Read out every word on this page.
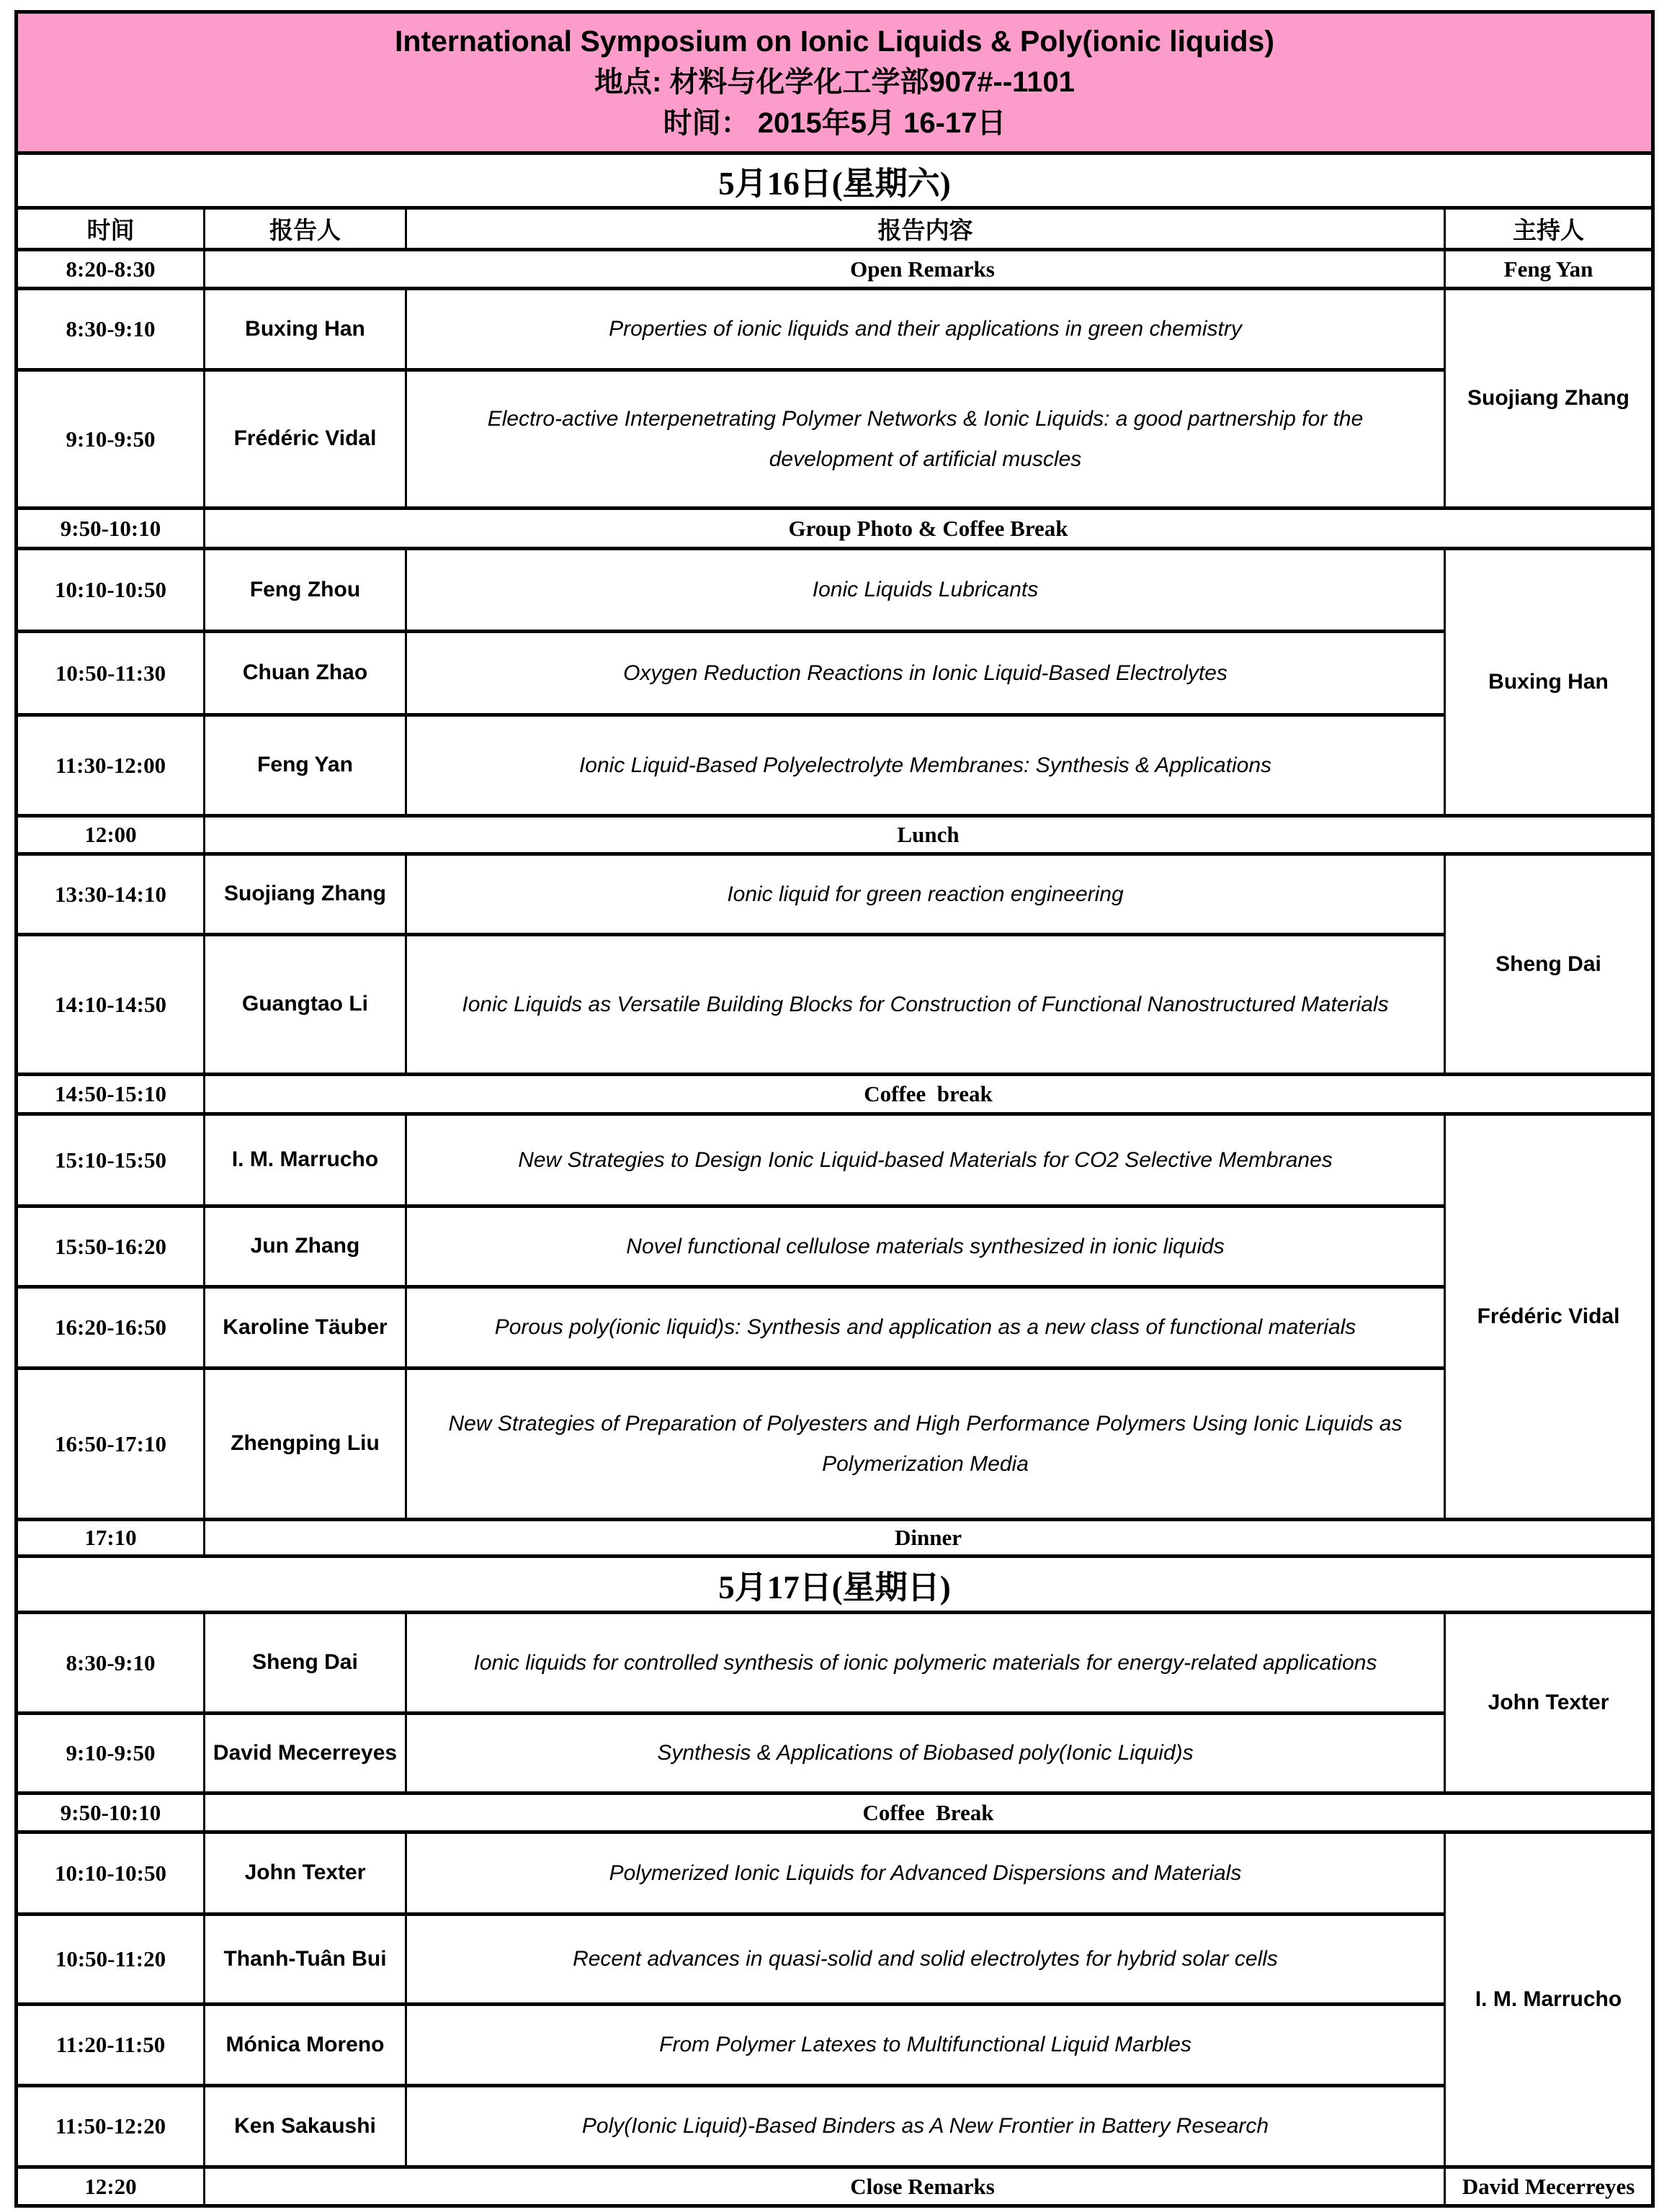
International Symposium on Ionic Liquids & Poly(ionic liquids)
地点: 材料与化学化工学部907#--1101
时间： 2015年5月 16-17日			

5月16日(星期六)			
时间	报告人	报告内容	主持人
8:20-8:30	Open Remarks		Feng Yan
8:30-9:10	Buxing Han	Properties of ionic liquids and their applications in green chemistry	Suojiang Zhang
9:10-9:50	Frédéric Vidal	Electro-active Interpenetrating Polymer Networks & Ionic Liquids: a good partnership for the development of artificial muscles	
9:50-10:10	Group Photo & Coffee Break		
10:10-10:50	Feng Zhou	Ionic Liquids Lubricants	Buxing Han
10:50-11:30	Chuan Zhao	Oxygen Reduction Reactions in Ionic Liquid-Based Electrolytes	
11:30-12:00	Feng Yan	Ionic Liquid-Based Polyelectrolyte Membranes: Synthesis & Applications	
12:00	Lunch		
13:30-14:10	Suojiang Zhang	Ionic liquid for green reaction engineering	Sheng Dai
14:10-14:50	Guangtao Li	Ionic Liquids as Versatile Building Blocks for Construction of Functional Nanostructured Materials	
14:50-15:10	Coffee  break		
15:10-15:50	I. M. Marrucho	New Strategies to Design Ionic Liquid-based Materials for CO2 Selective Membranes	Frédéric Vidal
15:50-16:20	Jun Zhang	Novel functional cellulose materials synthesized in ionic liquids	
16:20-16:50	Karoline Täuber	Porous poly(ionic liquid)s: Synthesis and application as a new class of functional materials	
16:50-17:10	Zhengping Liu	New Strategies of Preparation of Polyesters and High Performance Polymers Using Ionic Liquids as Polymerization Media	
17:10	Dinner		
5月17日(星期日)			
8:30-9:10	Sheng Dai	Ionic liquids for controlled synthesis of ionic polymeric materials for energy-related applications	John Texter
9:10-9:50	David Mecerreyes	Synthesis & Applications of Biobased poly(Ionic Liquid)s	
9:50-10:10	Coffee  Break		
10:10-10:50	John Texter	Polymerized Ionic Liquids for Advanced Dispersions and Materials	I. M. Marrucho
10:50-11:20	Thanh-Tuân Bui	Recent advances in quasi-solid and solid electrolytes for hybrid solar cells	
11:20-11:50	Mónica Moreno	From Polymer Latexes to Multifunctional Liquid Marbles	
11:50-12:20	Ken Sakaushi	Poly(Ionic Liquid)-Based Binders as A New Frontier in Battery Research	
12:20	Close Remarks		David Mecerreyes
